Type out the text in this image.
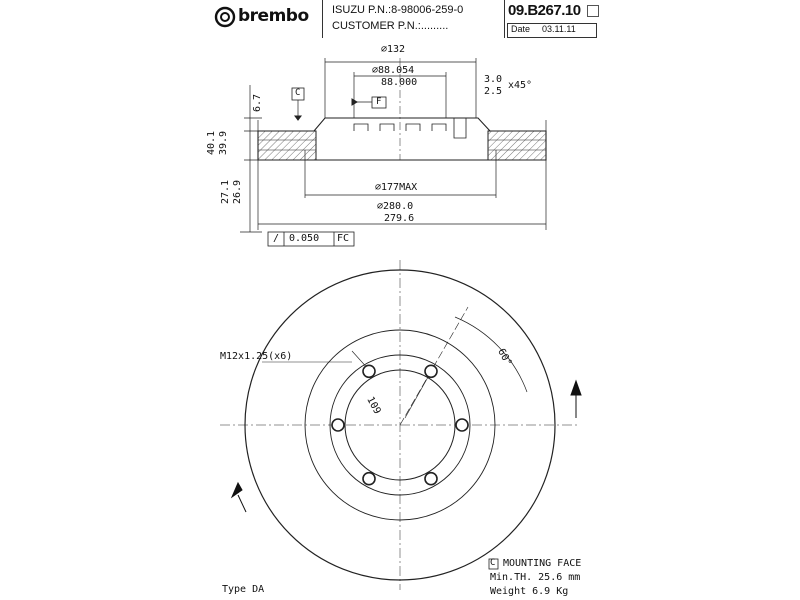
brembo ISUZU P.N.:8-98006-259-0
CUSTOMER P.N.:.........
09.B267.10
Date 03.11.11
∅132
∅88.054
88.000	3.0
2.5
x45°
C
F
6.7
40.1 39.9
27.1 26.9	∅177MAX
∅280.0
279.6
/ 0.050 FC
M12x1.25(x6)	60°
109
C MOUNTING FACE
Min.TH. 25.6 mm
Weight 6.9 Kg
Type DA
